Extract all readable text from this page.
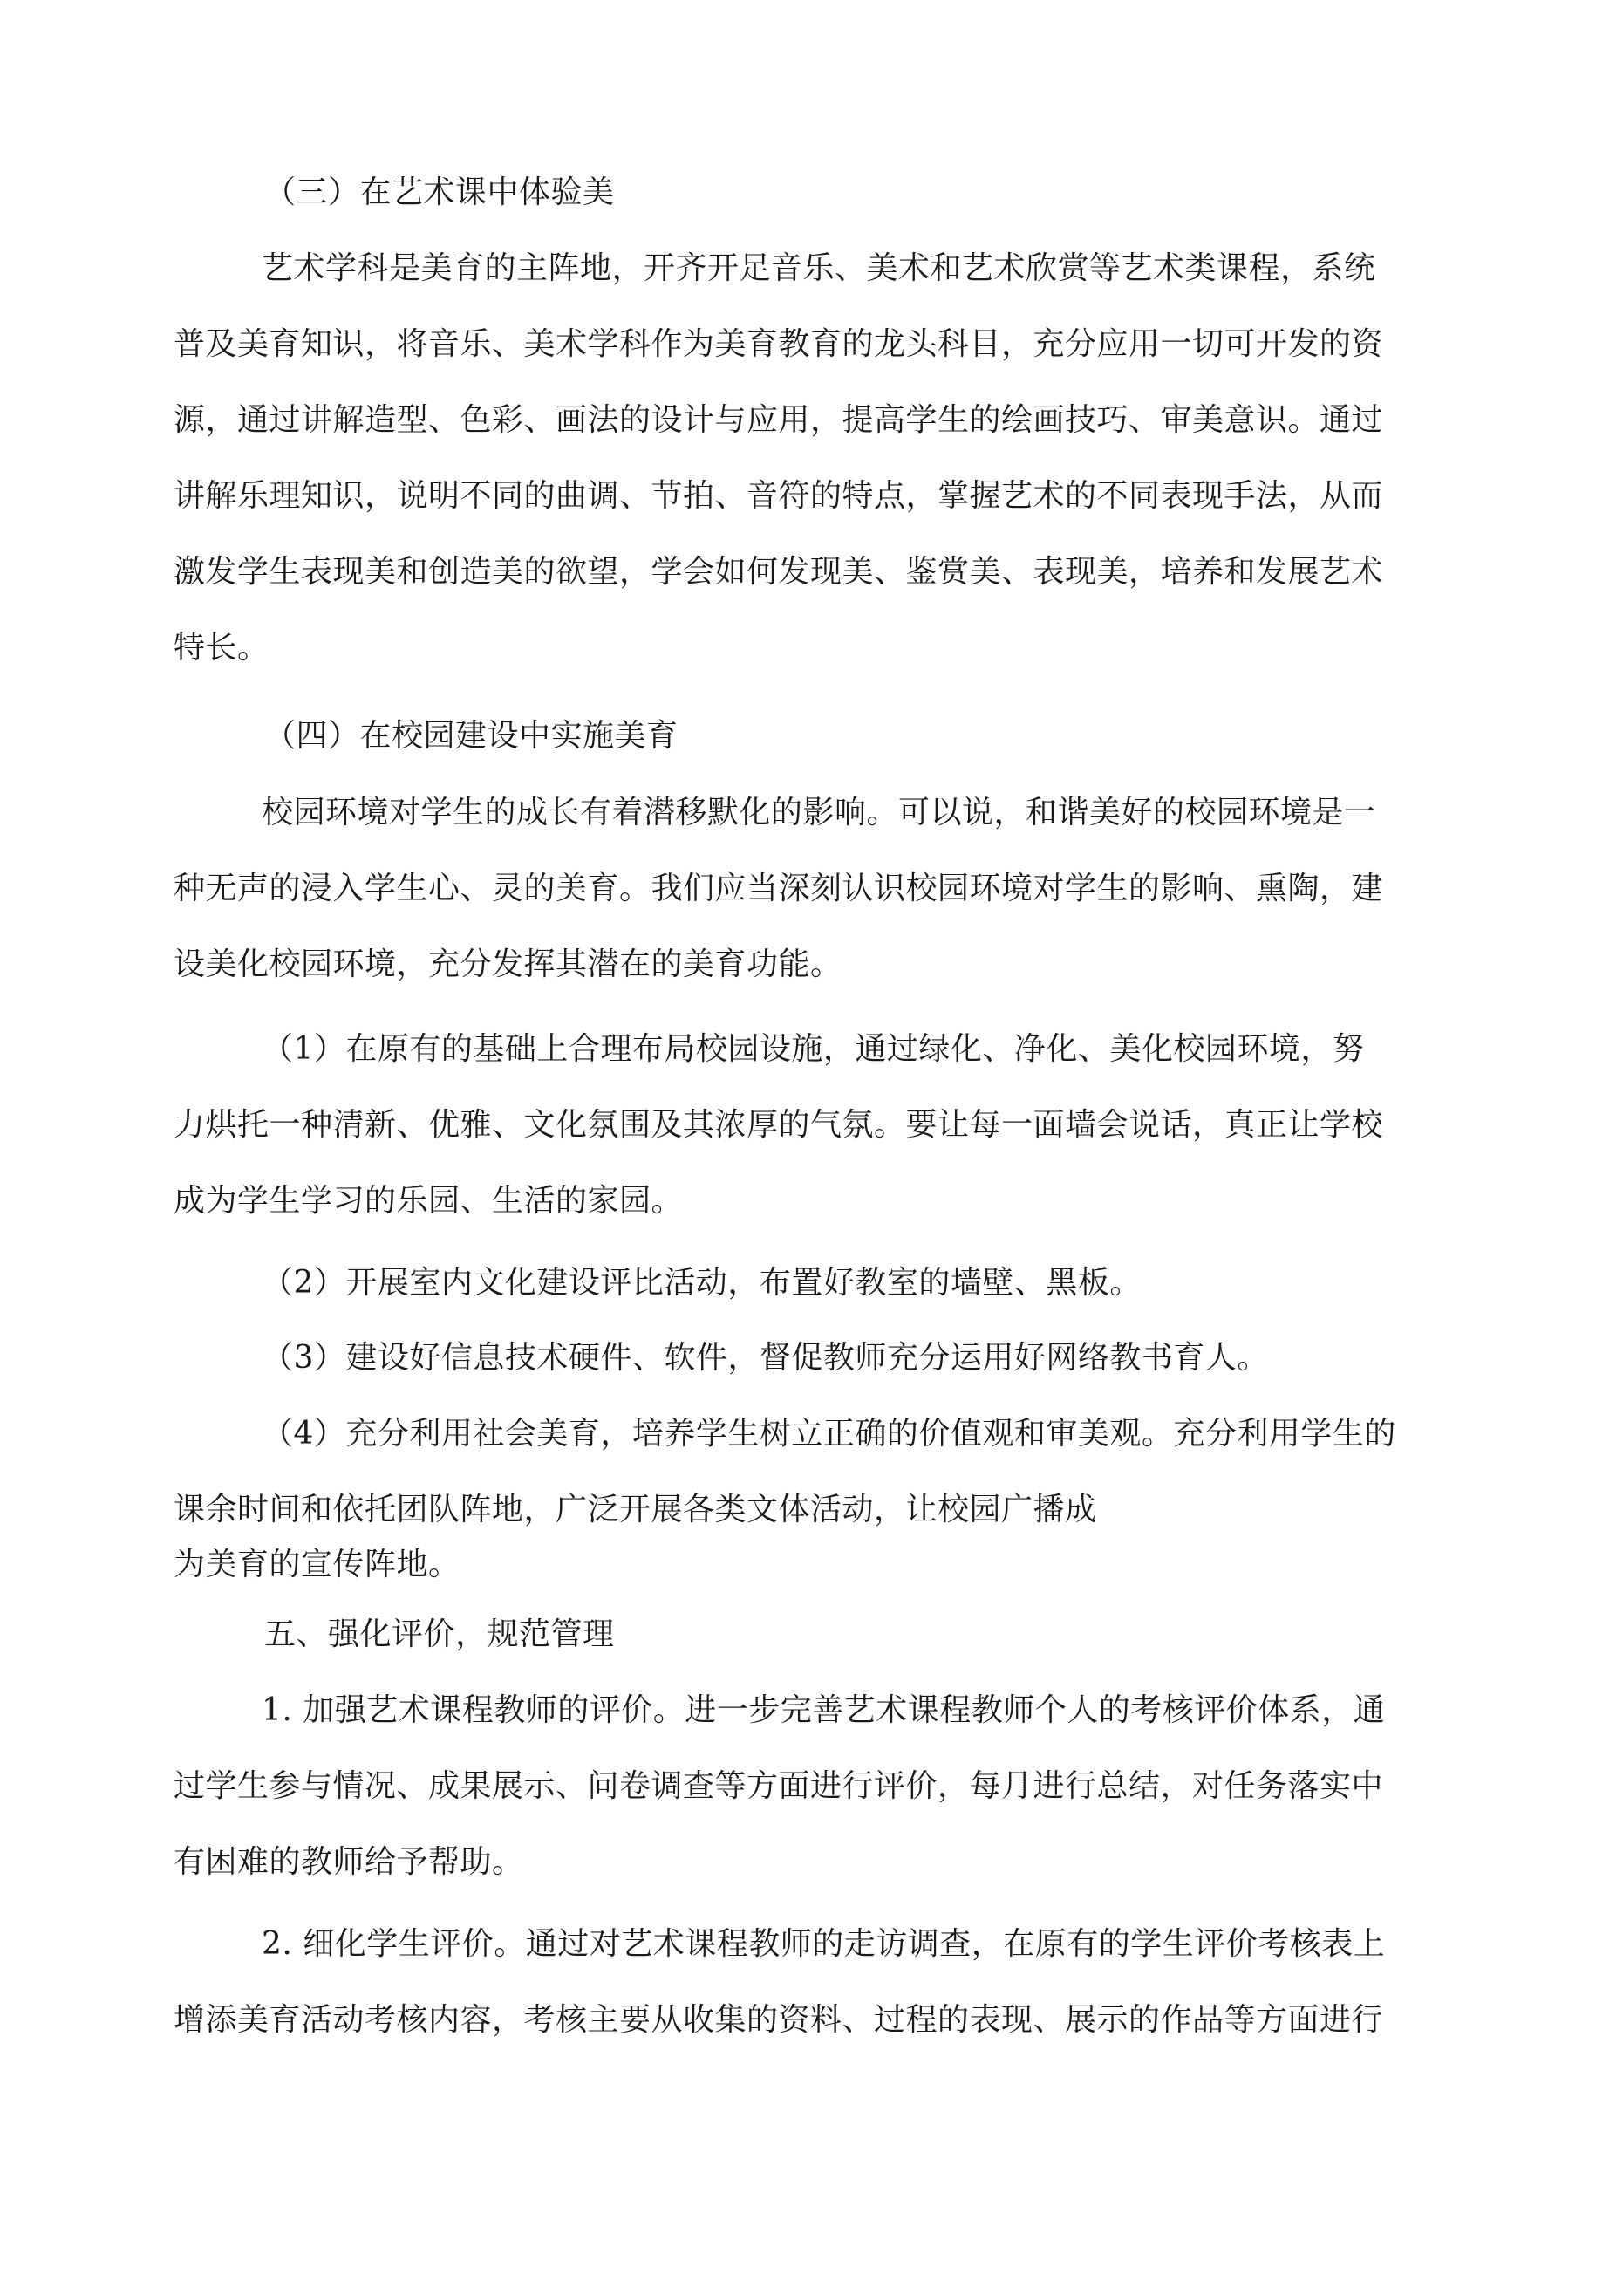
（三）在艺术课中体验美
艺术学科是美育的主阵地，开齐开足音乐、美术和艺术欣赏等艺术类课程，系统
普及美育知识，将音乐、美术学科作为美育教育的龙头科目，充分应用一切可开发的资
源，通过讲解造型、色彩、画法的设计与应用，提高学生的绘画技巧、审美意识。通过
讲解乐理知识，说明不同的曲调、节拍、音符的特点，掌握艺术的不同表现手法，从而
激发学生表现美和创造美的欲望，学会如何发现美、鉴赏美、表现美，培养和发展艺术
特长。
（四）在校园建设中实施美育
校园环境对学生的成长有着潜移默化的影响。可以说，和谐美好的校园环境是一
种无声的浸入学生心、灵的美育。我们应当深刻认识校园环境对学生的影响、熏陶，建
设美化校园环境，充分发挥其潜在的美育功能。
（1）在原有的基础上合理布局校园设施，通过绿化、净化、美化校园环境，努
力烘托一种清新、优雅、文化氛围及其浓厚的气氛。要让每一面墙会说话，真正让学校
成为学生学习的乐园、生活的家园。
（2）开展室内文化建设评比活动，布置好教室的墙壁、黑板。
（3）建设好信息技术硬件、软件，督促教师充分运用好网络教书育人。
（4）充分利用社会美育，培养学生树立正确的价值观和审美观。充分利用学生的
课余时间和依托团队阵地，广泛开展各类文体活动，让校园广播成
为美育的宣传阵地。
五、强化评价，规范管理
1. 加强艺术课程教师的评价。进一步完善艺术课程教师个人的考核评价体系，通
过学生参与情况、成果展示、问卷调查等方面进行评价，每月进行总结，对任务落实中
有困难的教师给予帮助。
2. 细化学生评价。通过对艺术课程教师的走访调查，在原有的学生评价考核表上
增添美育活动考核内容，考核主要从收集的资料、过程的表现、展示的作品等方面进行
